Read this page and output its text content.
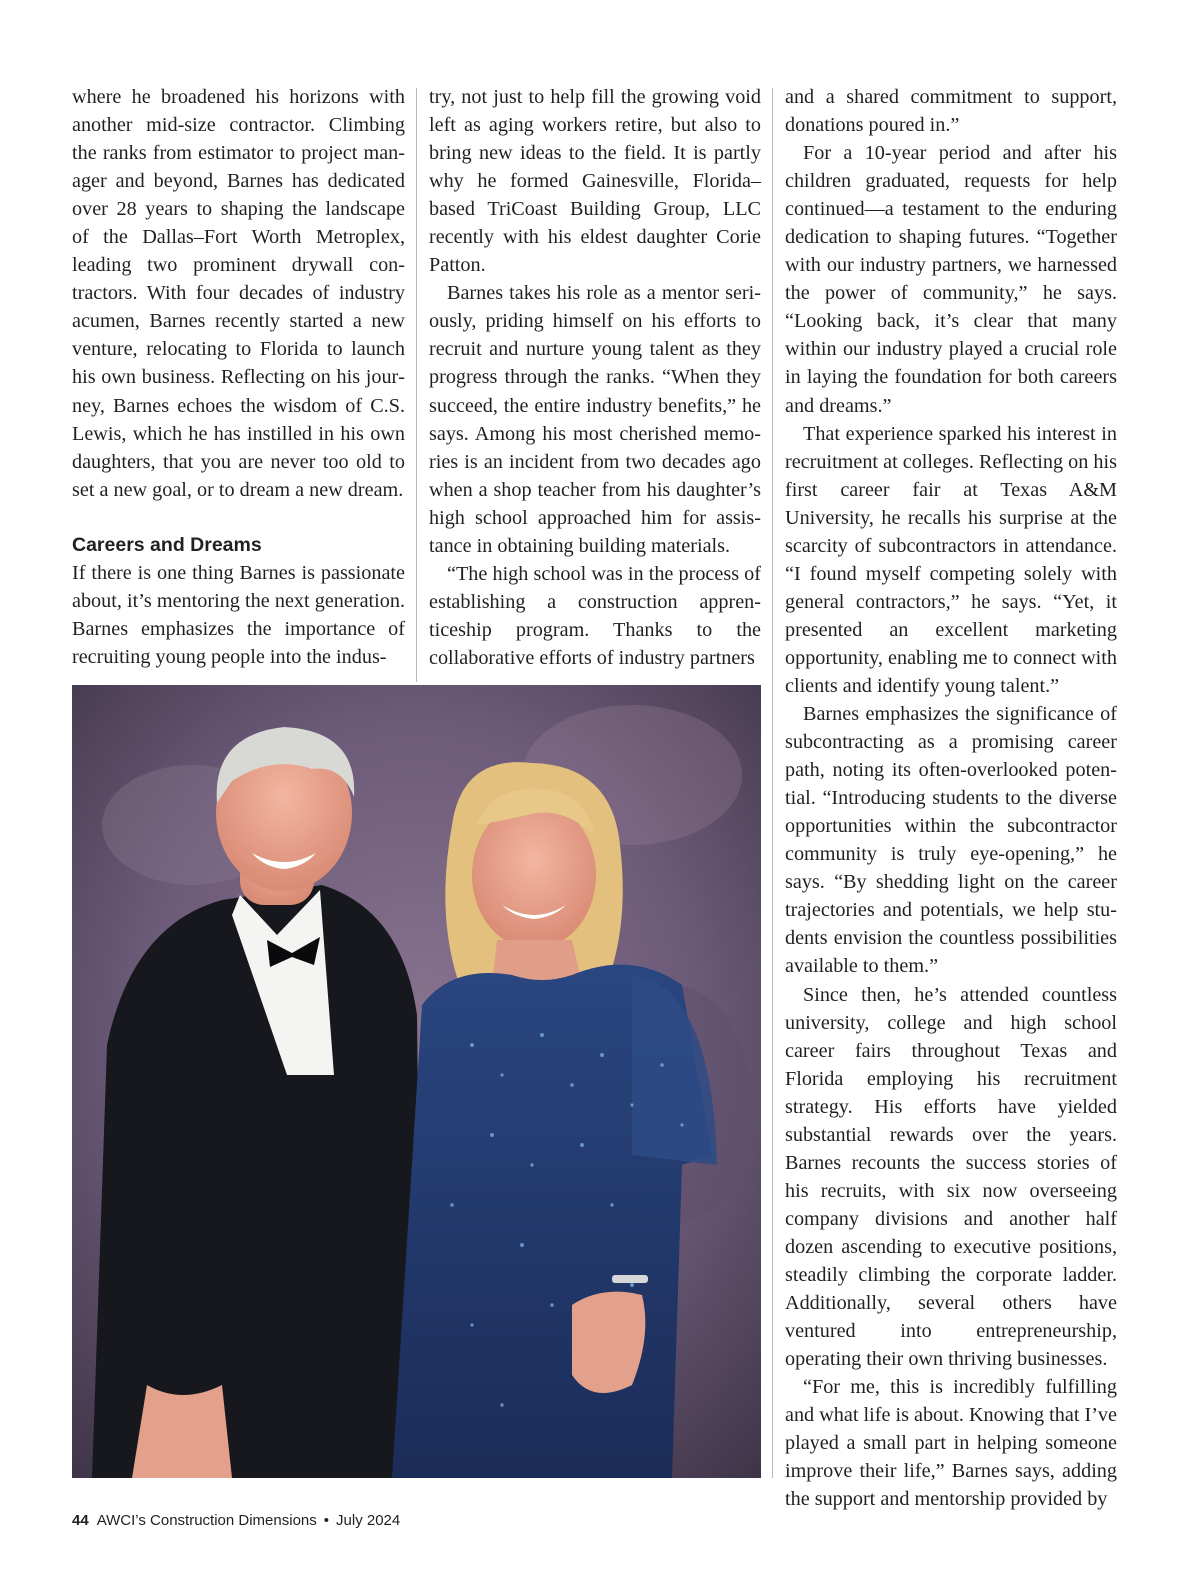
where he broadened his horizons with another mid-size contractor. Climbing the ranks from estimator to project manager and beyond, Barnes has dedicated over 28 years to shaping the landscape of the Dallas–Fort Worth Metroplex, leading two prominent drywall contractors. With four decades of industry acumen, Barnes recently started a new venture, relocating to Florida to launch his own business. Reflecting on his journey, Barnes echoes the wisdom of C.S. Lewis, which he has instilled in his own daughters, that you are never too old to set a new goal, or to dream a new dream.

Careers and Dreams

If there is one thing Barnes is passionate about, it’s mentoring the next generation. Barnes emphasizes the importance of recruiting young people into the indus-

try, not just to help fill the growing void left as aging workers retire, but also to bring new ideas to the field. It is partly why he formed Gainesville, Florida–based TriCoast Building Group, LLC recently with his eldest daughter Corie Patton.

Barnes takes his role as a mentor seriously, priding himself on his efforts to recruit and nurture young talent as they progress through the ranks. “When they succeed, the entire industry benefits,” he says. Among his most cherished memories is an incident from two decades ago when a shop teacher from his daughter’s high school approached him for assistance in obtaining building materials.

“The high school was in the process of establishing a construction apprenticeship program. Thanks to the collaborative efforts of industry partners

and a shared commitment to support, donations poured in.”

For a 10-year period and after his children graduated, requests for help continued—a testament to the enduring dedication to shaping futures. “Together with our industry partners, we harnessed the power of community,” he says. “Looking back, it’s clear that many within our industry played a crucial role in laying the foundation for both careers and dreams.”

That experience sparked his interest in recruitment at colleges. Reflecting on his first career fair at Texas A&M University, he recalls his surprise at the scarcity of subcontractors in attendance. “I found myself competing solely with general contractors,” he says. “Yet, it presented an excellent marketing opportunity, enabling me to connect with clients and identify young talent.”

Barnes emphasizes the significance of subcontracting as a promising career path, noting its often-overlooked potential. “Introducing students to the diverse opportunities within the subcontractor community is truly eye-opening,” he says. “By shedding light on the career trajectories and potentials, we help students envision the countless possibilities available to them.”

Since then, he’s attended countless university, college and high school career fairs throughout Texas and Florida employing his recruitment strategy. His efforts have yielded substantial rewards over the years. Barnes recounts the success stories of his recruits, with six now overseeing company divisions and another half dozen ascending to executive positions, steadily climbing the corporate ladder. Additionally, several others have ventured into entrepreneurship, operating their own thriving businesses.

“For me, this is incredibly fulfilling and what life is about. Knowing that I’ve played a small part in helping someone improve their life,” Barnes says, adding the support and mentorship provided by

44 AWCI’s Construction Dimensions • July 2024
